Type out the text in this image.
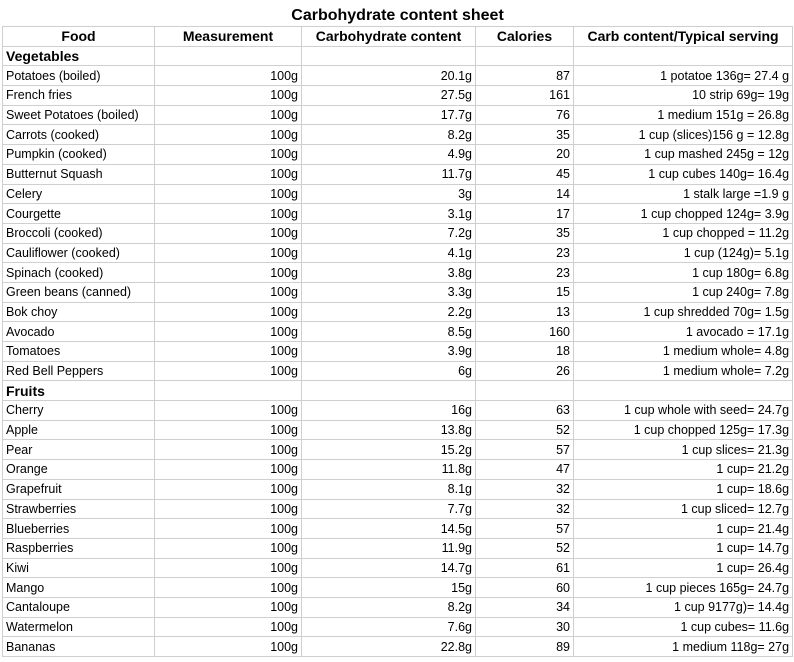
Carbohydrate content sheet				
Food	Measurement	Carbohydrate content	Calories	Carb content/Typical serving
Vegetables				
Potatoes (boiled)	100g	20.1g	87	1 potatoe 136g= 27.4 g
French fries	100g	27.5g	161	10 strip 69g= 19g
Sweet Potatoes (boiled)	100g	17.7g	76	1 medium 151g = 26.8g
Carrots (cooked)	100g	8.2g	35	1 cup (slices)156 g = 12.8g
Pumpkin (cooked)	100g	4.9g	20	1 cup mashed 245g = 12g
Butternut Squash	100g	11.7g	45	1 cup cubes 140g= 16.4g
Celery	100g	3g	14	1 stalk large =1.9 g
Courgette	100g	3.1g	17	1 cup chopped 124g= 3.9g
Broccoli (cooked)	100g	7.2g	35	1 cup chopped = 11.2g
Cauliflower (cooked)	100g	4.1g	23	1 cup (124g)= 5.1g
Spinach (cooked)	100g	3.8g	23	1 cup 180g= 6.8g
Green beans (canned)	100g	3.3g	15	1 cup 240g= 7.8g
Bok choy	100g	2.2g	13	1 cup shredded 70g= 1.5g
Avocado	100g	8.5g	160	1 avocado = 17.1g
Tomatoes	100g	3.9g	18	1 medium whole= 4.8g
Red Bell Peppers	100g	6g	26	1 medium whole= 7.2g
Fruits				
Cherry	100g	16g	63	1 cup whole with seed= 24.7g
Apple	100g	13.8g	52	1 cup chopped 125g= 17.3g
Pear	100g	15.2g	57	1 cup slices= 21.3g
Orange	100g	11.8g	47	1 cup= 21.2g
Grapefruit	100g	8.1g	32	1 cup= 18.6g
Strawberries	100g	7.7g	32	1 cup sliced= 12.7g
Blueberries	100g	14.5g	57	1 cup= 21.4g
Raspberries	100g	11.9g	52	1 cup= 14.7g
Kiwi	100g	14.7g	61	1 cup= 26.4g
Mango	100g	15g	60	1 cup pieces 165g= 24.7g
Cantaloupe	100g	8.2g	34	1 cup 9177g)= 14.4g
Watermelon	100g	7.6g	30	1 cup cubes= 11.6g
Bananas	100g	22.8g	89	1 medium 118g= 27g
